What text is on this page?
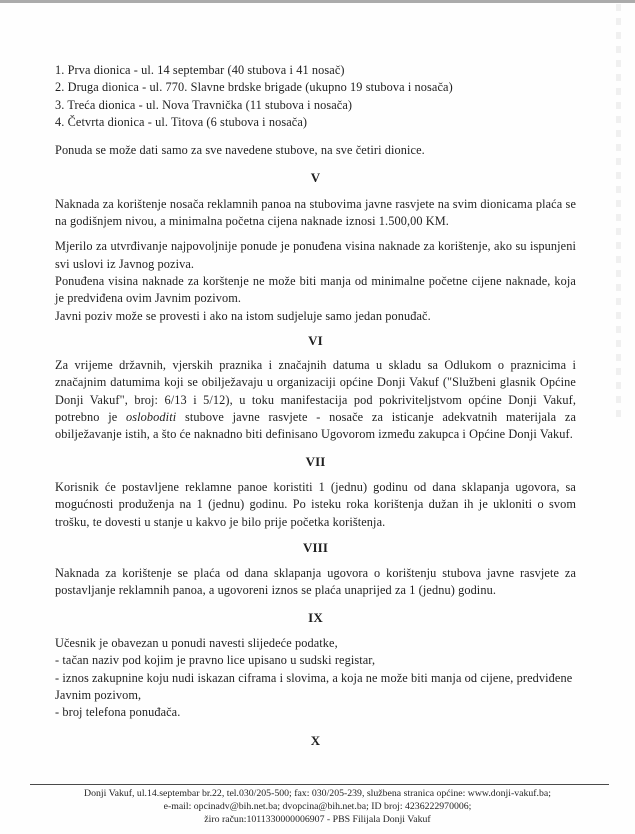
1. Prva dionica - ul. 14 septembar (40 stubova i 41 nosač)
2. Druga dionica - ul. 770. Slavne brdske brigade (ukupno 19 stubova i nosača)
3. Treća dionica - ul. Nova Travnička (11 stubova i nosača)
4. Četvrta dionica - ul. Titova (6 stubova i nosača)

Ponuda se može dati samo za sve navedene stubove, na sve četiri dionice.

V

Naknada za korištenje nosača reklamnih panoa na stubovima javne rasvjete na svim dionicama plaća se na godišnjem nivou, a minimalna početna cijena naknade iznosi 1.500,00 KM.

Mjerilo za utvrđivanje najpovoljnije ponude je ponuđena visina naknade za korištenje, ako su ispunjeni svi uslovi iz Javnog poziva.

Ponuđena visina naknade za korštenje ne može biti manja od minimalne početne cijene naknade, koja je predviđena ovim Javnim pozivom.

Javni poziv može se provesti i ako na istom sudjeluje samo jedan ponuđač.

VI

Za vrijeme državnih, vjerskih praznika i značajnih datuma u skladu sa Odlukom o praznicima i značajnim datumima koji se obilježavaju u organizaciji općine Donji Vakuf ("Službeni glasnik Općine Donji Vakuf", broj: 6/13 i 5/12), u toku manifestacija pod pokriviteljstvom općine Donji Vakuf, potrebno je osloboditi stubove javne rasvjete - nosače za isticanje adekvatnih materijala za obilježavanje istih, a što će naknadno biti definisano Ugovorom između zakupca i Općine Donji Vakuf.

VII

Korisnik će postavljene reklamne panoe koristiti 1 (jednu) godinu od dana sklapanja ugovora, sa mogućnosti produženja na 1 (jednu) godinu. Po isteku roka korištenja dužan ih je ukloniti o svom trošku, te dovesti u stanje u kakvo je bilo prije početka korištenja.

VIII

Naknada za korištenje se plaća od dana sklapanja ugovora o korištenju stubova javne rasvjete za postavljanje reklamnih panoa, a ugovoreni iznos se plaća unaprijed za 1 (jednu) godinu.

IX

Učesnik je obavezan u ponudi navesti slijedeće podatke,

- tačan naziv pod kojim je pravno lice upisano u sudski registar,

- iznos zakupnine koju nudi iskazan ciframa i slovima, a koja ne može biti manja od cijene, predviđene Javnim pozivom,

- broj telefona ponuđača.

X
Donji Vakuf, ul.14.septembar br.22, tel.030/205-500; fax: 030/205-239, službena stranica općine: www.donji-vakuf.ba;
e-mail: opcinadv@bih.net.ba; dvopcina@bih.net.ba; ID broj: 4236222970006;
žiro račun:1011330000006907 - PBS Filijala Donji Vakuf
